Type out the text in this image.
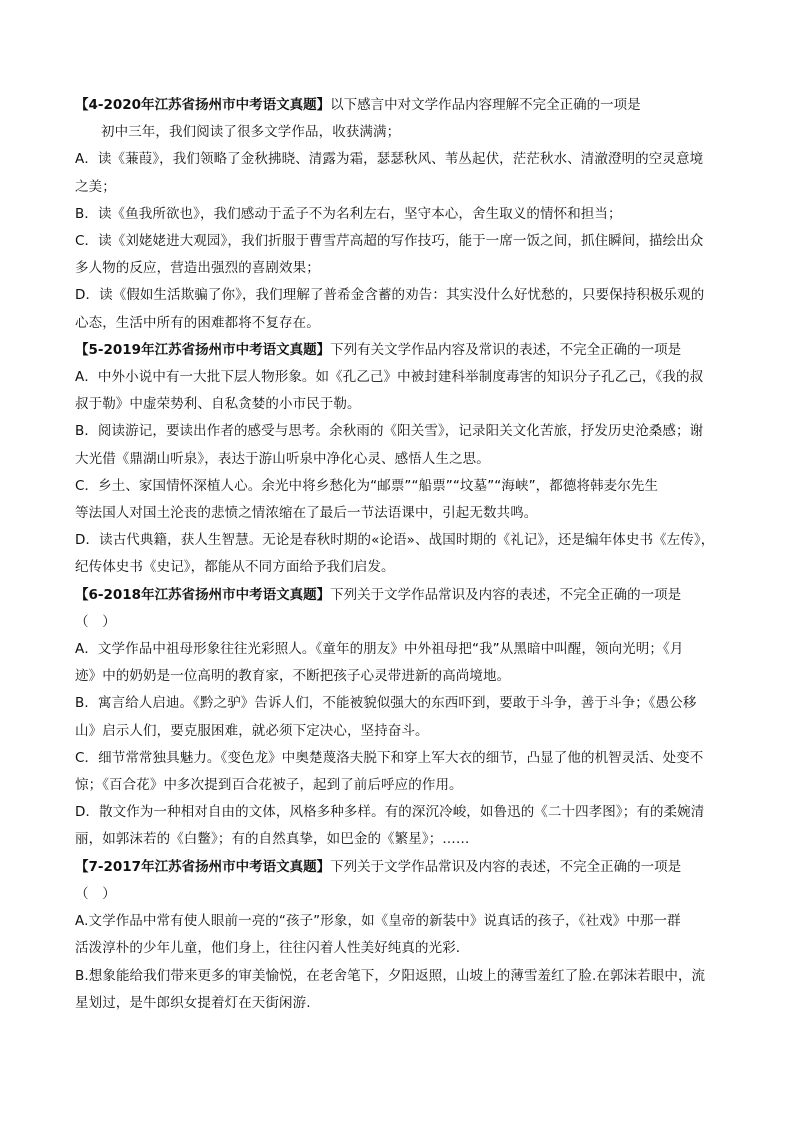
【4-2020年江苏省扬州市中考语文真题】以下感言中对文学作品内容理解不完全正确的一项是
初中三年，我们阅读了很多文学作品，收获满满；
A．读《蒹葭》，我们领略了金秋拂晓、清露为霜，瑟瑟秋风、苇丛起伏，茫茫秋水、清澈澄明的空灵意境
之美；
B．读《鱼我所欲也》，我们感动于孟子不为名利左右，坚守本心，舍生取义的情怀和担当；
C．读《刘姥姥进大观园》，我们折服于曹雪芹高超的写作技巧，能于一席一饭之间，抓住瞬间，描绘出众
多人物的反应，营造出强烈的喜剧效果；
D．读《假如生活欺骗了你》，我们理解了普希金含蓄的劝告：其实没什么好忧愁的，只要保持积极乐观的
心态，生活中所有的困难都将不复存在。
【5-2019年江苏省扬州市中考语文真题】下列有关文学作品内容及常识的表述，不完全正确的一项是
A．中外小说中有一大批下层人物形象。如《孔乙己》中被封建科举制度毒害的知识分子孔乙己，《我的叔
叔于勒》中虚荣势利、自私贪婪的小市民于勒。
B．阅读游记，要读出作者的感受与思考。余秋雨的《阳关雪》，记录阳关文化苦旅，抒发历史沧桑感；谢
大光借《鼎湖山听泉》，表达于游山听泉中净化心灵、感悟人生之思。
C．乡土、家国情怀深植人心。余光中将乡愁化为“邮票”“船票”“坟墓”“海峡”，都德将韩麦尔先生
等法国人对国土沦丧的悲愤之情浓缩在了最后一节法语课中，引起无数共鸣。
D．读古代典籍，获人生智慧。无论是春秋时期的«论语»、战国时期的《礼记》，还是编年体史书《左传》，
纪传体史书《史记》，都能从不同方面给予我们启发。
【6-2018年江苏省扬州市中考语文真题】下列关于文学作品常识及内容的表述，不完全正确的一项是
（　）
A．文学作品中祖母形象往往光彩照人。《童年的朋友》中外祖母把“我”从黑暗中叫醒，领向光明；《月
迹》中的奶奶是一位高明的教育家，不断把孩子心灵带进新的高尚境地。
B．寓言给人启迪。《黔之驴》告诉人们，不能被貌似强大的东西吓到，要敢于斗争，善于斗争；《愚公移
山》启示人们，要克服困难，就必须下定决心，坚持奋斗。
C．细节常常独具魅力。《变色龙》中奥楚蔑洛夫脱下和穿上军大衣的细节，凸显了他的机智灵活、处变不
惊；《百合花》中多次提到百合花被子，起到了前后呼应的作用。
D．散文作为一种相对自由的文体，风格多种多样。有的深沉冷峻，如鲁迅的《二十四孝图》；有的柔婉清
丽，如郭沫若的《白鳖》；有的自然真挚，如巴金的《繁星》；……
【7-2017年江苏省扬州市中考语文真题】下列关于文学作品常识及内容的表述，不完全正确的一项是
（　）
A.文学作品中常有使人眼前一亮的“孩子”形象，如《皇帝的新装中》说真话的孩子，《社戏》中那一群
活泼淳朴的少年儿童，他们身上，往往闪着人性美好纯真的光彩.
B.想象能给我们带来更多的审美愉悦，在老舍笔下，夕阳返照，山坡上的薄雪羞红了脸.在郭沫若眼中，流
星划过，是牛郎织女提着灯在天街闲游.
